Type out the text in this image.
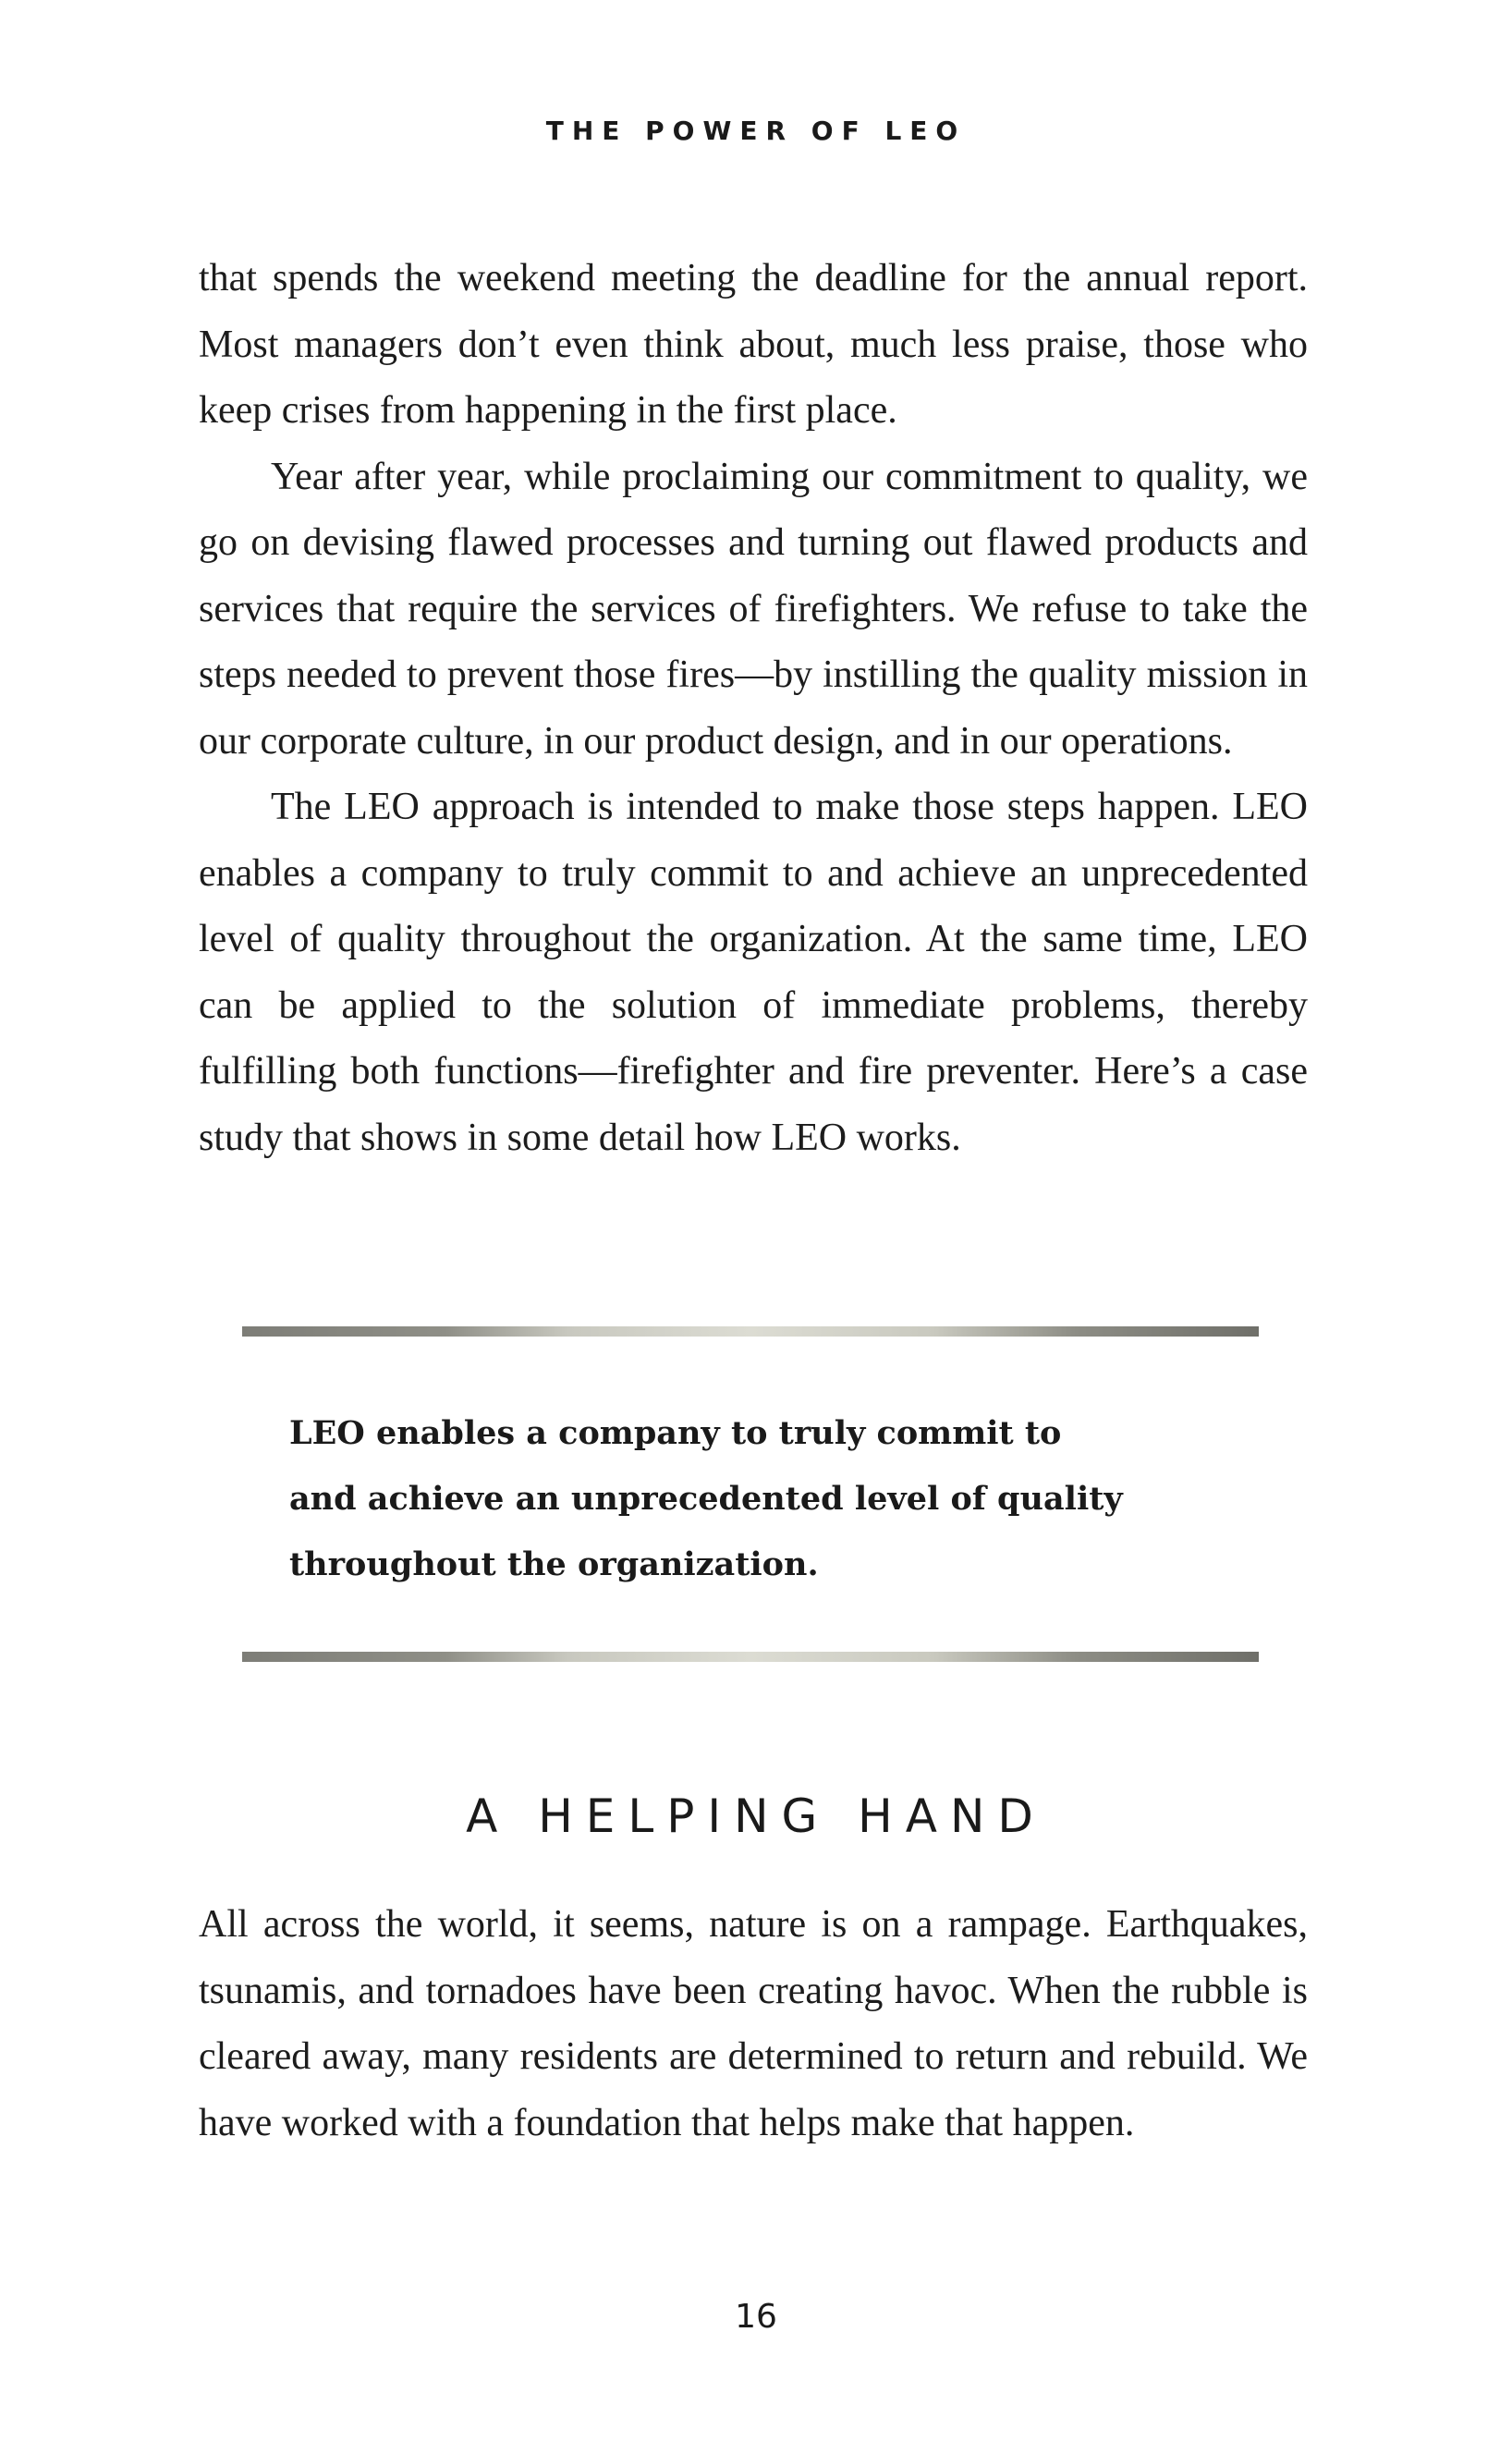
THE POWER OF LEO

that spends the weekend meeting the deadline for the annual report. Most managers don’t even think about, much less praise, those who keep crises from happening in the first place.

Year after year, while proclaiming our commitment to quality, we go on devising flawed processes and turning out flawed products and services that require the services of firefighters. We refuse to take the steps needed to prevent those fires—by instilling the quality mission in our corporate culture, in our product design, and in our operations.

The LEO approach is intended to make those steps happen. LEO enables a company to truly commit to and achieve an unprecedented level of quality throughout the organization. At the same time, LEO can be applied to the solution of immediate problems, thereby fulfilling both functions—firefighter and fire preventer. Here’s a case study that shows in some detail how LEO works.

LEO enables a company to truly commit to

and achieve an unprecedented level of quality

throughout the organization.

A HELPING HAND

All across the world, it seems, nature is on a rampage. Earthquakes, tsunamis, and tornadoes have been creating havoc. When the rubble is cleared away, many residents are determined to return and rebuild. We have worked with a foundation that helps make that happen.

16
